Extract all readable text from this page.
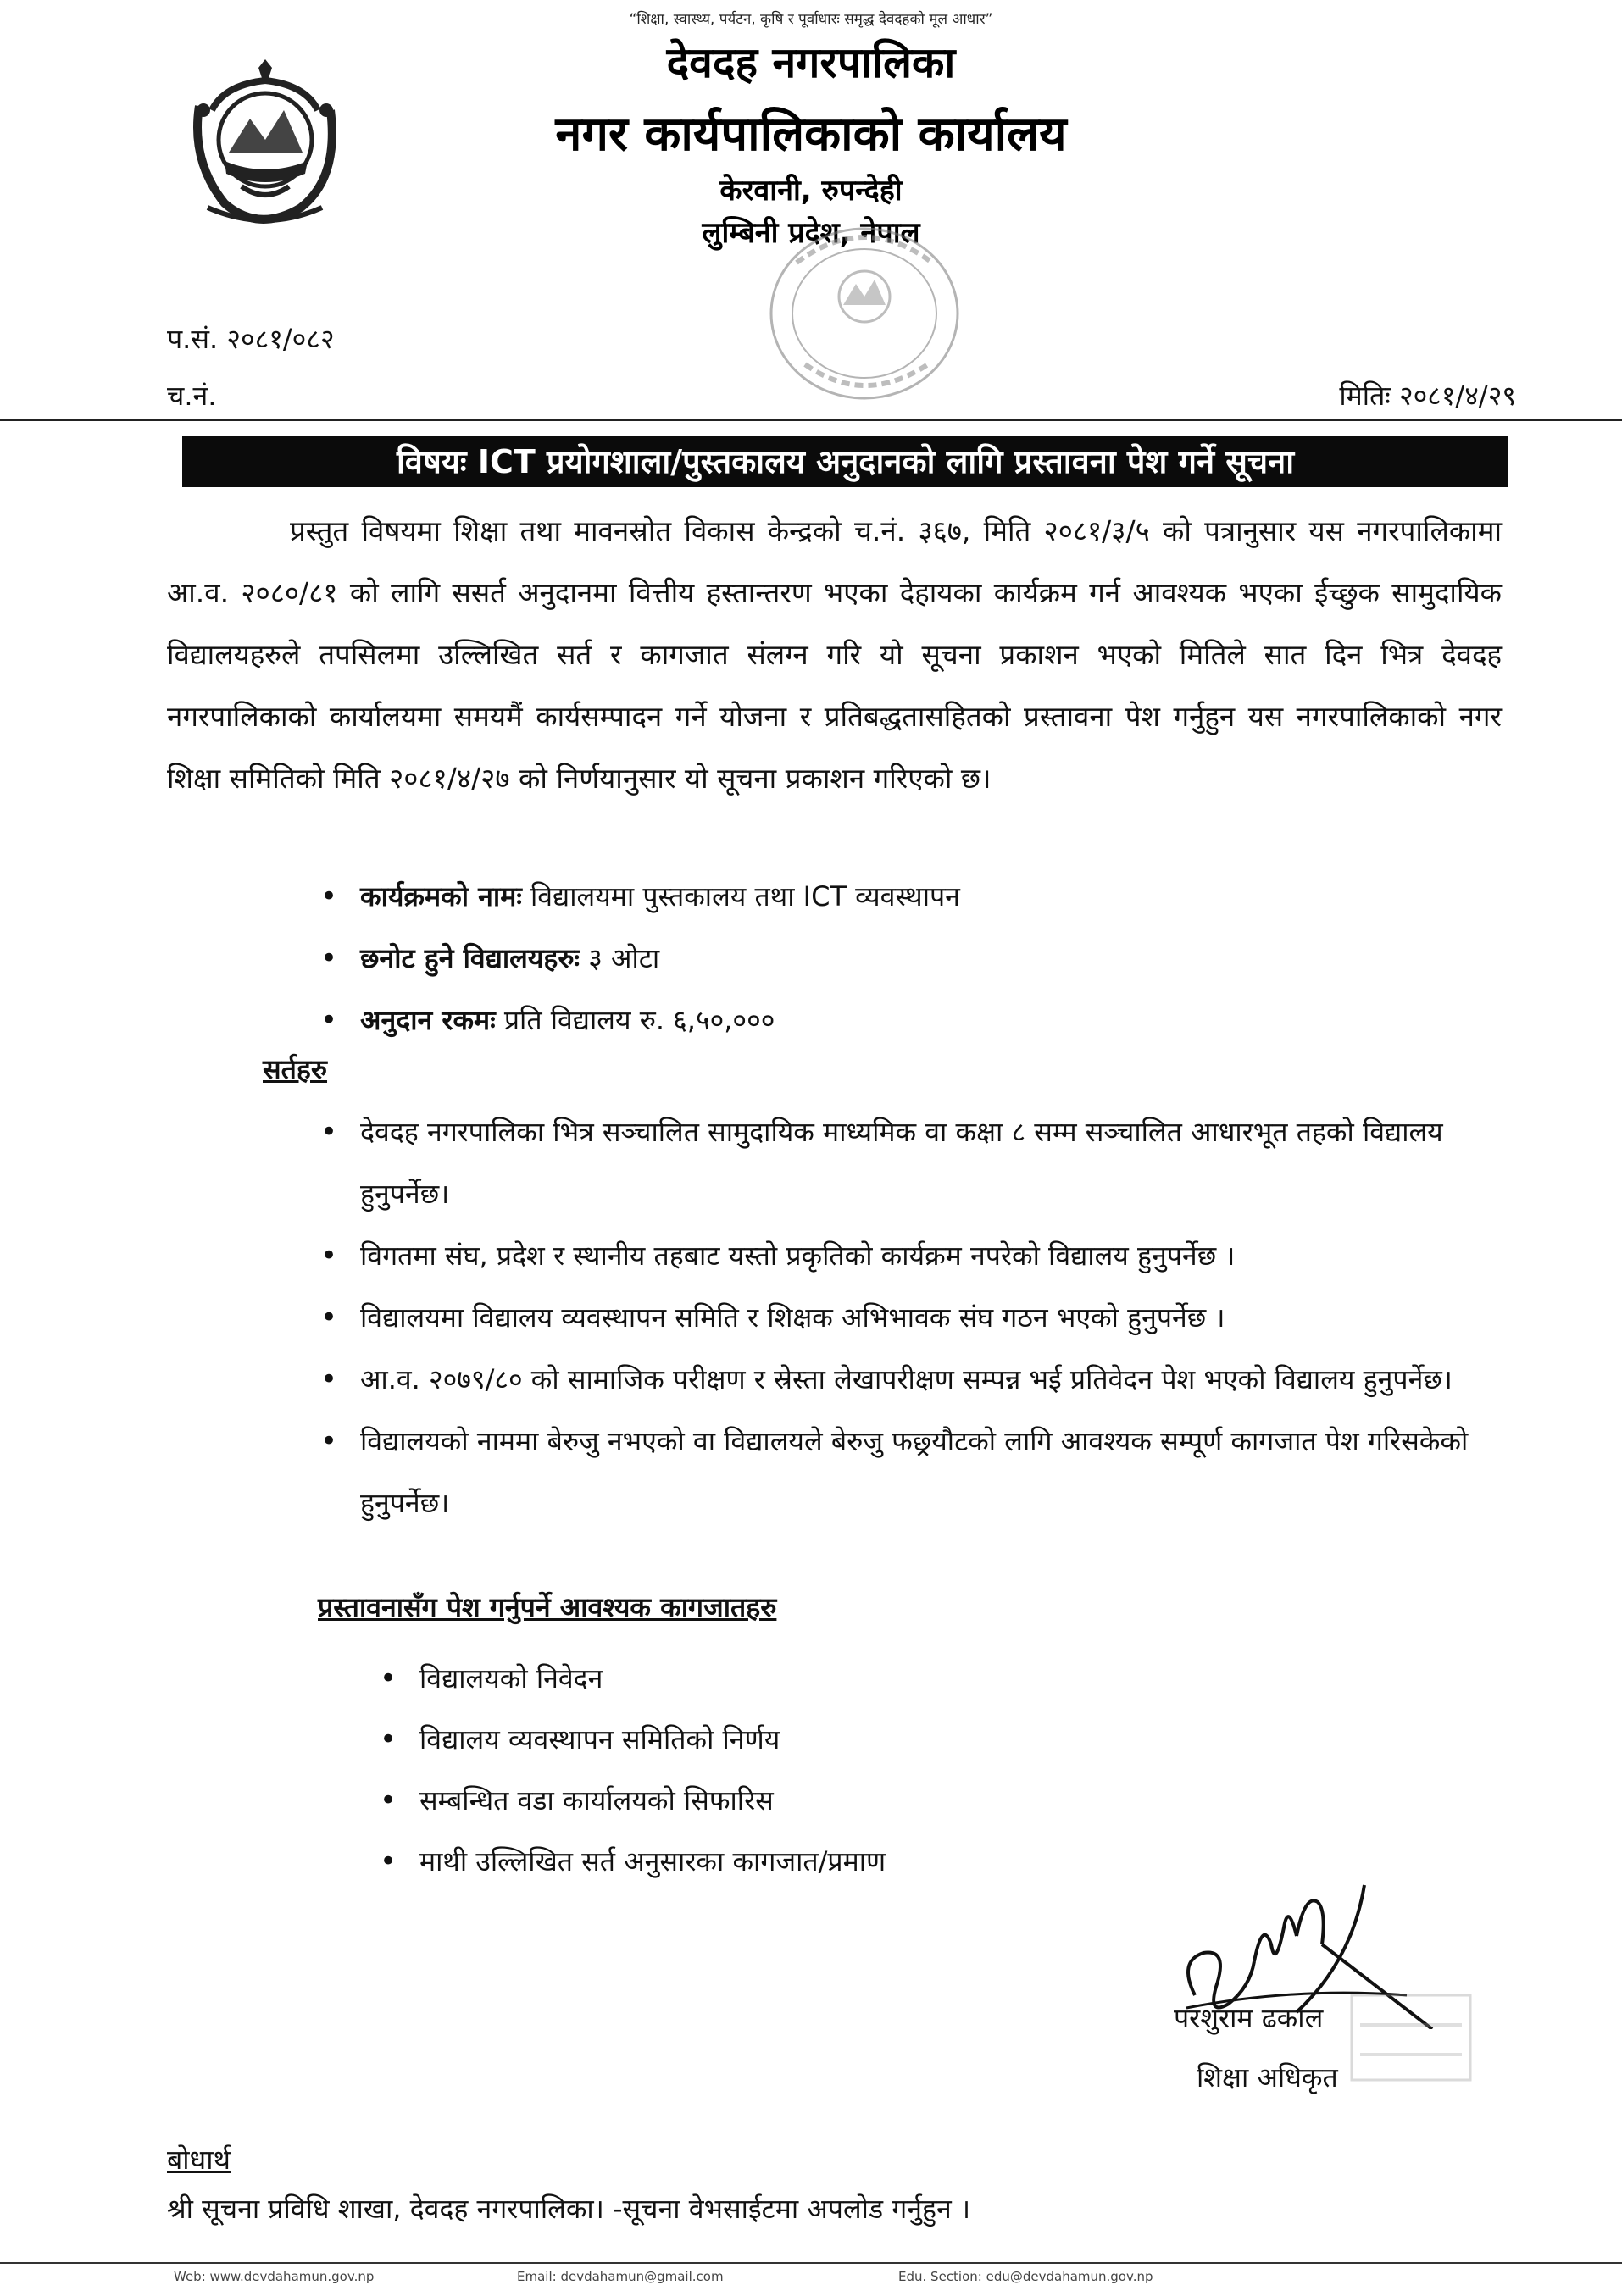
“शिक्षा, स्वास्थ्य, पर्यटन, कृषि र पूर्वाधारः समृद्ध देवदहको मूल आधार”
देवदह नगरपालिका
नगर कार्यपालिकाको कार्यालय
केरवानी, रुपन्देही
लुम्बिनी प्रदेश, नेपाल
प.सं. २०८१/०८२
च.नं.	मितिः २०८१/४/२९
विषयः ICT प्रयोगशाला/पुस्तकालय अनुदानको लागि प्रस्तावना पेश गर्ने सूचना
प्रस्तुत विषयमा शिक्षा तथा मावनस्रोत विकास केन्द्रको च.नं. ३६७, मिति २०८१/३/५ को पत्रानुसार यस नगरपालिकामा आ.व. २०८०/८१ को लागि ससर्त अनुदानमा वित्तीय हस्तान्तरण भएका देहायका कार्यक्रम गर्न आवश्यक भएका ईच्छुक सामुदायिक विद्यालयहरुले तपसिलमा उल्लिखित सर्त र कागजात संलग्न गरि यो सूचना प्रकाशन भएको मितिले सात दिन भित्र देवदह नगरपालिकाको कार्यालयमा समयमैं कार्यसम्पादन गर्ने योजना र प्रतिबद्धतासहितको प्रस्तावना पेश गर्नुहुन यस नगरपालिकाको नगर शिक्षा समितिको मिति २०८१/४/२७ को निर्णयानुसार यो सूचना प्रकाशन गरिएको छ।
• कार्यक्रमको नामः विद्यालयमा पुस्तकालय तथा ICT व्यवस्थापन
• छनोट हुने विद्यालयहरुः ३ ओटा
• अनुदान रकमः प्रति विद्यालय रु. ६,५०,०००
सर्तहरु
• देवदह नगरपालिका भित्र सञ्चालित सामुदायिक माध्यमिक वा कक्षा ८ सम्म सञ्चालित आधारभूत तहको विद्यालय हुनुपर्नेछ।
• विगतमा संघ, प्रदेश र स्थानीय तहबाट यस्तो प्रकृतिको कार्यक्रम नपरेको विद्यालय हुनुपर्नेछ ।
• विद्यालयमा विद्यालय व्यवस्थापन समिति र शिक्षक अभिभावक संघ गठन भएको हुनुपर्नेछ ।
• आ.व. २०७९/८० को सामाजिक परीक्षण र स्रेस्ता लेखापरीक्षण सम्पन्न भई प्रतिवेदन पेश भएको विद्यालय हुनुपर्नेछ।
• विद्यालयको नाममा बेरुजु नभएको वा विद्यालयले बेरुजु फछ्र्यौटको लागि आवश्यक सम्पूर्ण कागजात पेश गरिसकेको हुनुपर्नेछ।
प्रस्तावनासँग पेश गर्नुपर्ने आवश्यक कागजातहरु
• विद्यालयको निवेदन
• विद्यालय व्यवस्थापन समितिको निर्णय
• सम्बन्धित वडा कार्यालयको सिफारिस
• माथी उल्लिखित सर्त अनुसारका कागजात/प्रमाण
परशुराम ढकाल
शिक्षा अधिकृत
बोधार्थ
श्री सूचना प्रविधि शाखा, देवदह नगरपालिका। -सूचना वेभसाईटमा अपलोड गर्नुहुन ।
Web: www.devdahamun.gov.np	Email: devdahamun@gmail.com	Edu. Section: edu@devdahamun.gov.np
